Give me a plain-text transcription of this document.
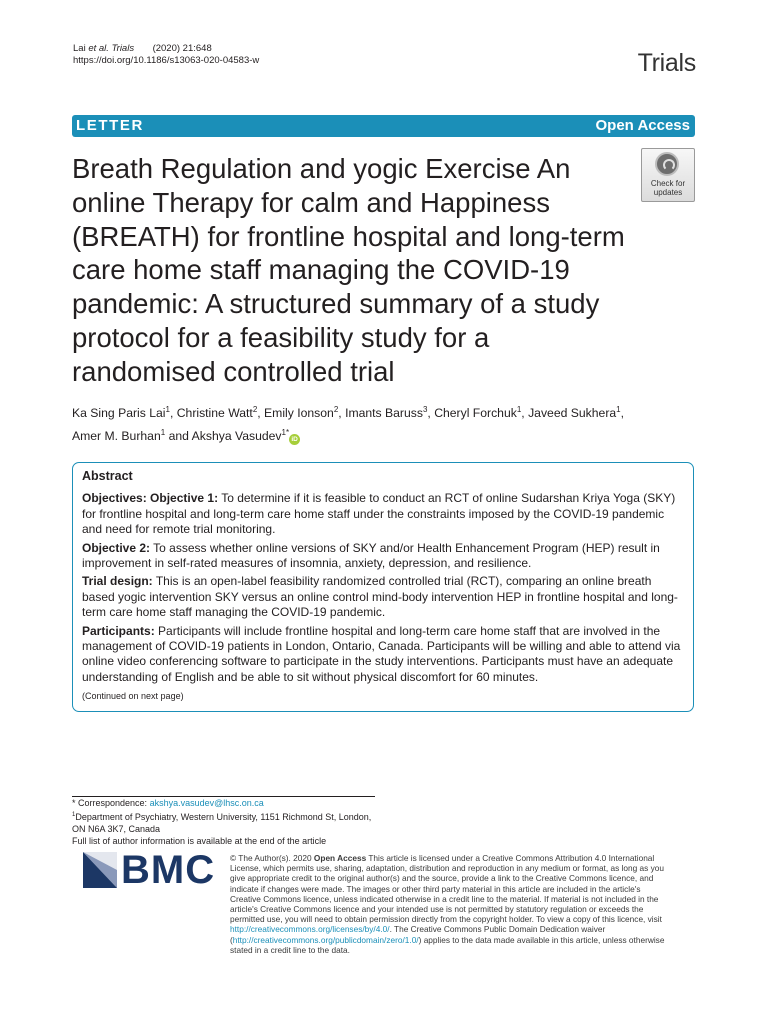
Lai et al. Trials (2020) 21:648
https://doi.org/10.1186/s13063-020-04583-w	Trials
LETTER	Open Access
Breath Regulation and yogic Exercise An online Therapy for calm and Happiness (BREATH) for frontline hospital and long-term care home staff managing the COVID-19 pandemic: A structured summary of a study protocol for a feasibility study for a randomised controlled trial
Check for updates
Ka Sing Paris Lai$^1$, Christine Watt$^2$, Emily Ionson$^2$, Imants Baruss$^3$, Cheryl Forchuk$^1$, Javeed Sukhera$^1$,
Amer M. Burhan$^1$ and Akshya Vasudev$^{1*}$iD
Abstract

Objectives: Objective 1: To determine if it is feasible to conduct an RCT of online Sudarshan Kriya Yoga (SKY) for frontline hospital and long-term care home staff under the constraints imposed by the COVID-19 pandemic and need for remote trial monitoring.

Objective 2: To assess whether online versions of SKY and/or Health Enhancement Program (HEP) result in improvement in self-rated measures of insomnia, anxiety, depression, and resilience.

Trial design: This is an open-label feasibility randomized controlled trial (RCT), comparing an online breath based yogic intervention SKY versus an online control mind-body intervention HEP in frontline hospital and long-term care home staff managing the COVID-19 pandemic.

Participants: Participants will include frontline hospital and long-term care home staff that are involved in the management of COVID-19 patients in London, Ontario, Canada. Participants will be willing and able to attend via online video conferencing software to participate in the study interventions. Participants must have an adequate understanding of English and be able to sit without physical discomfort for 60 minutes.

(Continued on next page)

* Correspondence: akshya.vasudev@lhsc.on.ca
$^1$Department of Psychiatry, Western University, 1151 Richmond St, London,
ON N6A 3K7, Canada
Full list of author information is available at the end of the article
BMC © The Author(s). 2020 Open Access This article is licensed under a Creative Commons Attribution 4.0 International License, which permits use, sharing, adaptation, distribution and reproduction in any medium or format, as long as you give appropriate credit to the original author(s) and the source, provide a link to the Creative Commons licence, and indicate if changes were made. The images or other third party material in this article are included in the article's Creative Commons licence, unless indicated otherwise in a credit line to the material. If material is not included in the article's Creative Commons licence and your intended use is not permitted by statutory regulation or exceeds the permitted use, you will need to obtain permission directly from the copyright holder. To view a copy of this licence, visit http://creativecommons.org/licenses/by/4.0/. The Creative Commons Public Domain Dedication waiver (http://creativecommons.org/publicdomain/zero/1.0/) applies to the data made available in this article, unless otherwise stated in a credit line to the data.
